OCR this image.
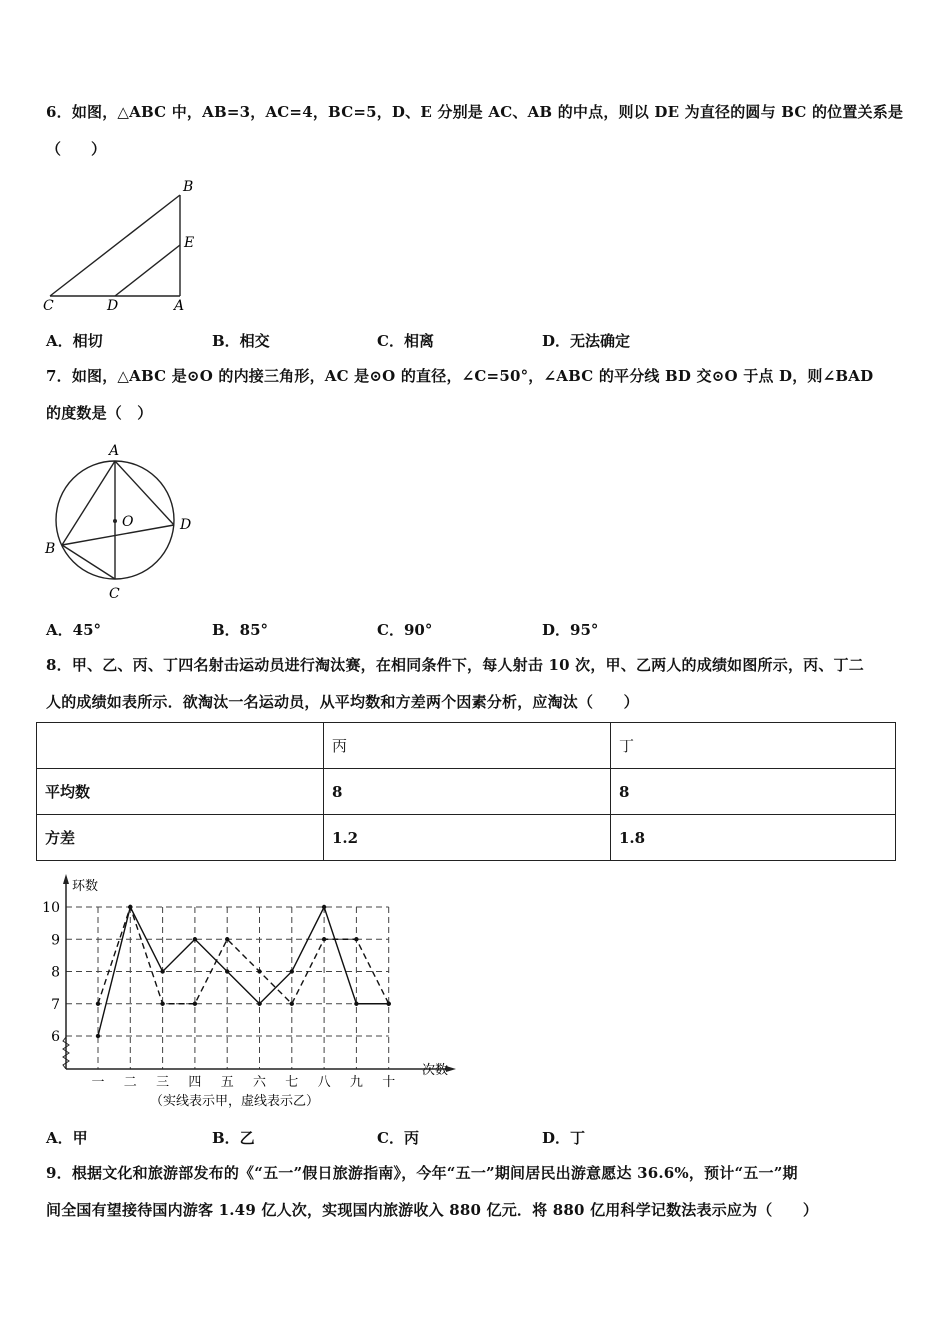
6．如图，△ABC 中，AB=3，AC=4，BC=5，D、E 分别是 AC、AB 的中点，则以 DE 为直径的圆与 BC 的位置关系是
（　　）
B
E
C	D	A
A．相切	B．相交	C．相离	D．无法确定
7．如图，△ABC 是⊙O 的内接三角形，AC 是⊙O 的直径，∠C=50°，∠ABC 的平分线 BD 交⊙O 于点 D，则∠BAD
的度数是（　）
A
O	D
B
C
A．45°	B．85°	C．90°	D．95°
8．甲、乙、丙、丁四名射击运动员进行淘汰赛，在相同条件下，每人射击 10 次，甲、乙两人的成绩如图所示，丙、丁二
人的成绩如表所示．欲淘汰一名运动员，从平均数和方差两个因素分析，应淘汰（　　）
	丙	丁
平均数	8	8
方差	1.2	1.8
环数
次数
（实线表示甲，虚线表示乙）
6
7
8
9
10
一 二 三 四 五 六 七 八 九 十
A．甲	B．乙	C．丙	D．丁
9．根据文化和旅游部发布的《“五一”假日旅游指南》，今年“五一”期间居民出游意愿达 36.6%，预计“五一”期
间全国有望接待国内游客 1.49 亿人次，实现国内旅游收入 880 亿元．将 880 亿用科学记数法表示应为（　　）
